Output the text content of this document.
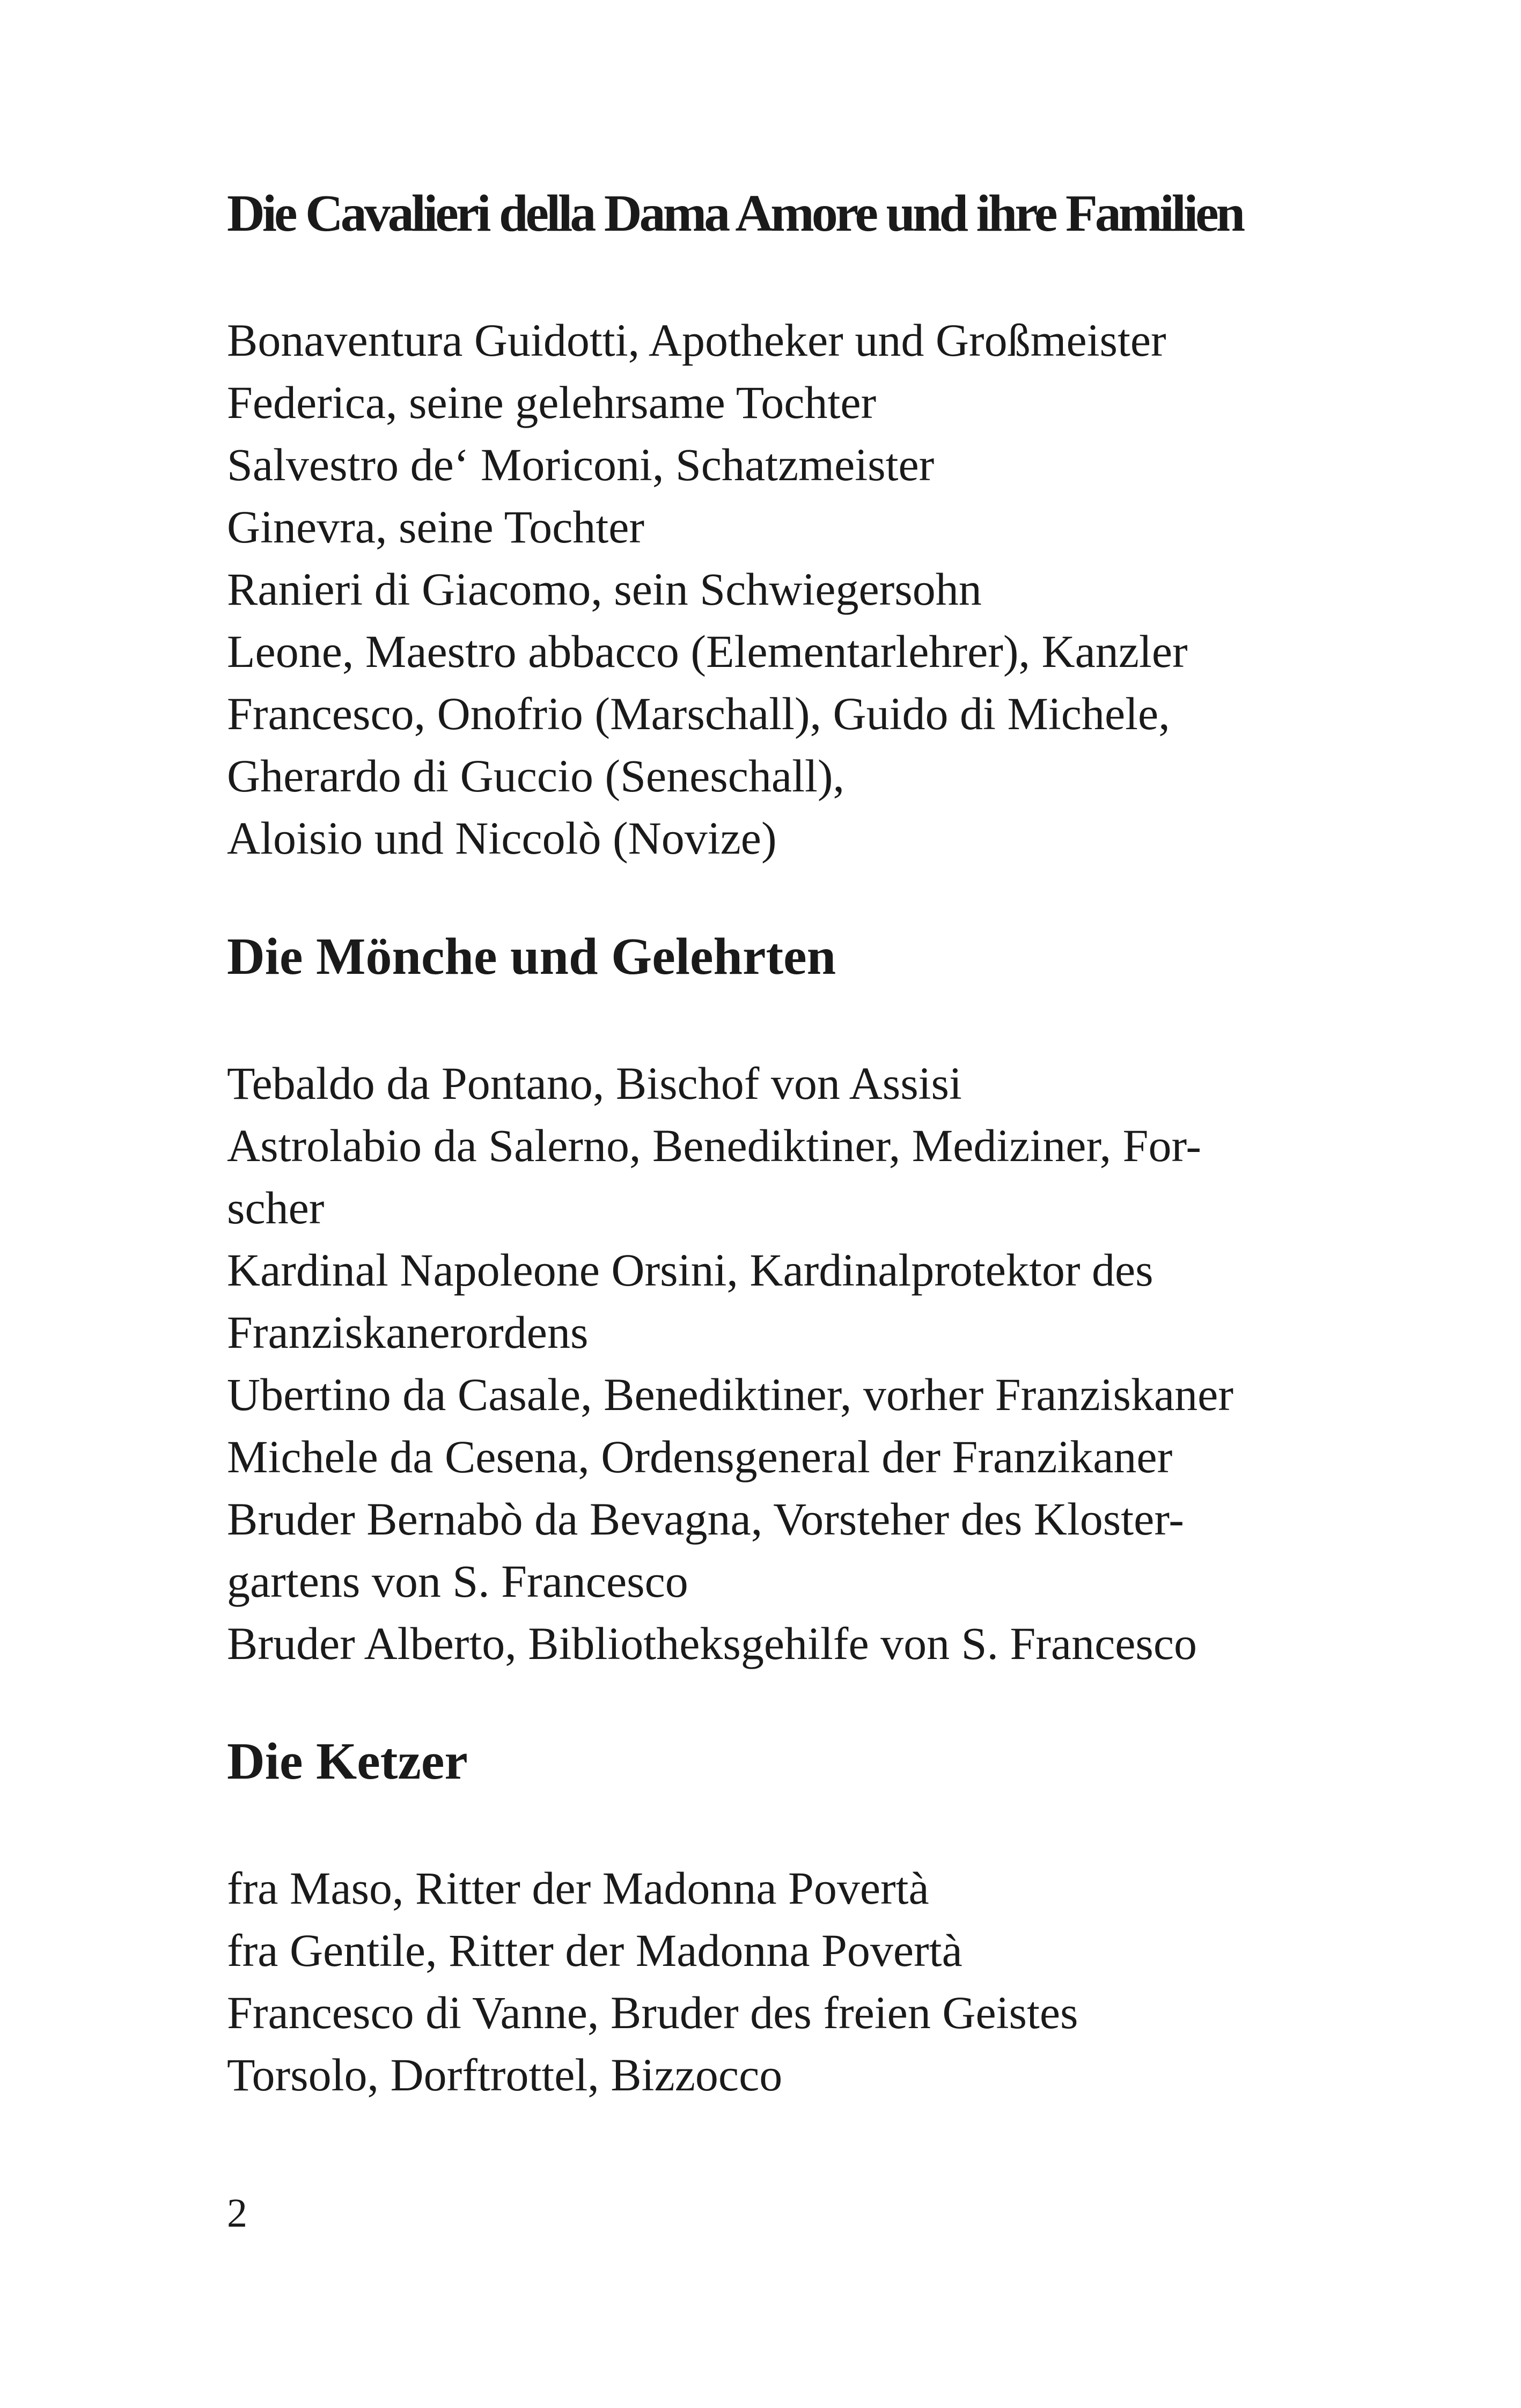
Die Cavalieri della Dama Amore und ihre Familien
Bonaventura Guidotti, Apotheker und Großmeister
Federica, seine gelehrsame Tochter
Salvestro de‘ Moriconi, Schatzmeister
Ginevra, seine Tochter
Ranieri di Giacomo, sein Schwiegersohn
Leone, Maestro abbacco (Elementarlehrer), Kanzler
Francesco, Onofrio (Marschall), Guido di Michele,
Gherardo di Guccio (Seneschall),
Aloisio und Niccolò (Novize)
Die Mönche und Gelehrten
Tebaldo da Pontano, Bischof von Assisi
Astrolabio da Salerno, Benediktiner, Mediziner, For-
scher
Kardinal Napoleone Orsini, Kardinalprotektor des
Franziskanerordens
Ubertino da Casale, Benediktiner, vorher Franziskaner
Michele da Cesena, Ordensgeneral der Franzikaner
Bruder Bernabò da Bevagna, Vorsteher des Kloster-
gartens von S. Francesco
Bruder Alberto, Bibliotheksgehilfe von S. Francesco
Die Ketzer
fra Maso, Ritter der Madonna Povertà
fra Gentile, Ritter der Madonna Povertà
Francesco di Vanne, Bruder des freien Geistes
Torsolo, Dorftrottel, Bizzocco
2
